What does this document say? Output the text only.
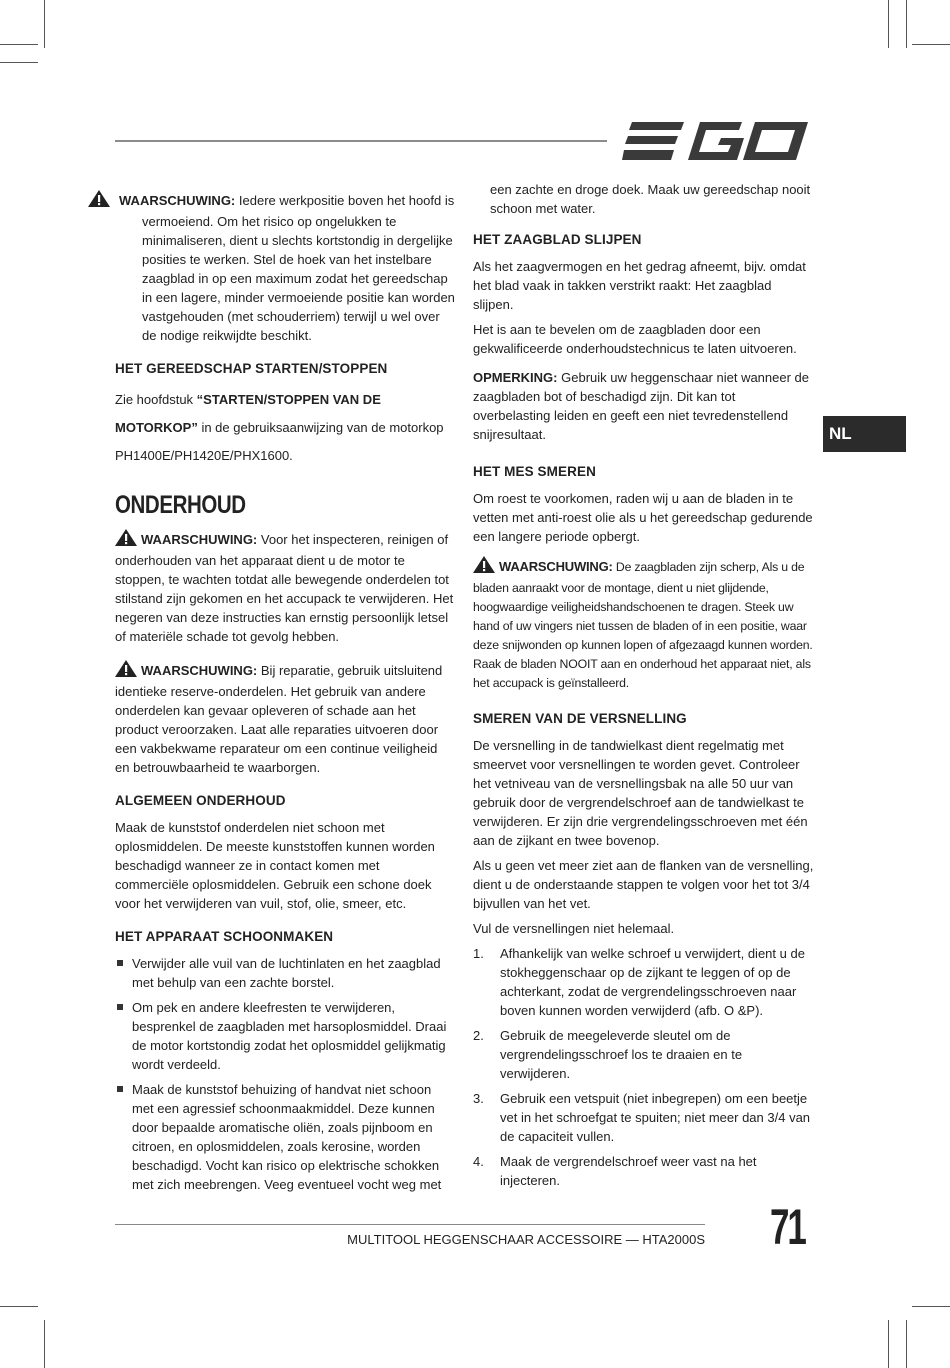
NL

WAARSCHUWING: Iedere werkpositie boven het hoofd is vermoeiend. Om het risico op ongelukken te minimaliseren, dient u slechts kortstondig in dergelijke posities te werken. Stel de hoek van het instelbare zaagblad in op een maximum zodat het gereedschap in een lagere, minder vermoeiende positie kan worden vastgehouden (met schouderriem) terwijl u wel over de nodige reikwijdte beschikt.

HET GEREEDSCHAP STARTEN/STOPPEN

Zie hoofdstuk “STARTEN/STOPPEN VAN DE MOTORKOP” in de gebruiksaanwijzing van de motorkop PH1400E/PH1420E/PHX1600.

ONDERHOUD

WAARSCHUWING: Voor het inspecteren, reinigen of onderhouden van het apparaat dient u de motor te stoppen, te wachten totdat alle bewegende onderdelen tot stilstand zijn gekomen en het accupack te verwijderen. Het negeren van deze instructies kan ernstig persoonlijk letsel of materiële schade tot gevolg hebben.

WAARSCHUWING: Bij reparatie, gebruik uitsluitend identieke reserve-onderdelen. Het gebruik van andere onderdelen kan gevaar opleveren of schade aan het product veroorzaken. Laat alle reparaties uitvoeren door een vakbekwame reparateur om een continue veiligheid en betrouwbaarheid te waarborgen.

ALGEMEEN ONDERHOUD

Maak de kunststof onderdelen niet schoon met oplosmiddelen. De meeste kunststoffen kunnen worden beschadigd wanneer ze in contact komen met commerciële oplosmiddelen. Gebruik een schone doek voor het verwijderen van vuil, stof, olie, smeer, etc.

HET APPARAAT SCHOONMAKEN
Verwijder alle vuil van de luchtinlaten en het zaagblad met behulp van een zachte borstel.
Om pek en andere kleefresten te verwijderen, besprenkel de zaagbladen met harsoplosmiddel. Draai de motor kortstondig zodat het oplosmiddel gelijkmatig wordt verdeeld.
Maak de kunststof behuizing of handvat niet schoon met een agressief schoonmaakmiddel. Deze kunnen door bepaalde aromatische oliën, zoals pijnboom en citroen, en oplosmiddelen, zoals kerosine, worden beschadigd. Vocht kan risico op elektrische schokken met zich meebrengen. Veeg eventueel vocht weg met

een zachte en droge doek. Maak uw gereedschap nooit schoon met water.

HET ZAAGBLAD SLIJPEN

Als het zaagvermogen en het gedrag afneemt, bijv. omdat het blad vaak in takken verstrikt raakt: Het zaagblad slijpen.

Het is aan te bevelen om de zaagbladen door een gekwalificeerde onderhoudstechnicus te laten uitvoeren.

OPMERKING: Gebruik uw heggenschaar niet wanneer de zaagbladen bot of beschadigd zijn. Dit kan tot overbelasting leiden en geeft een niet tevredenstellend snijresultaat.

HET MES SMEREN

Om roest te voorkomen, raden wij u aan de bladen in te vetten met anti-roest olie als u het gereedschap gedurende een langere periode opbergt.

WAARSCHUWING: De zaagbladen zijn scherp, Als u de bladen aanraakt voor de montage, dient u niet glijdende, hoogwaardige veiligheidshandschoenen te dragen. Steek uw hand of uw vingers niet tussen de bladen of in een positie, waar deze snijwonden op kunnen lopen of afgezaagd kunnen worden. Raak de bladen NOOIT aan en onderhoud het apparaat niet, als het accupack is geïnstalleerd.

SMEREN VAN DE VERSNELLING

De versnelling in de tandwielkast dient regelmatig met smeervet voor versnellingen te worden gevet. Controleer het vetniveau van de versnellingsbak na alle 50 uur van gebruik door de vergrendelschroef aan de tandwielkast te verwijderen. Er zijn drie vergrendelingsschroeven met één aan de zijkant en twee bovenop.

Als u geen vet meer ziet aan de flanken van de versnelling, dient u de onderstaande stappen te volgen voor het tot 3/4 bijvullen van het vet.

Vul de versnellingen niet helemaal.

1. Afhankelijk van welke schroef u verwijdert, dient u de stokheggenschaar op de zijkant te leggen of op de achterkant, zodat de vergrendelingsschroeven naar boven kunnen worden verwijderd (afb. O &P).
2. Gebruik de meegeleverde sleutel om de vergrendelingsschroef los te draaien en te verwijderen.
3. Gebruik een vetspuit (niet inbegrepen) om een beetje vet in het schroefgat te spuiten; niet meer dan 3/4 van de capaciteit vullen.
4. Maak de vergrendelschroef weer vast na het injecteren.
MULTITOOL HEGGENSCHAAR ACCESSOIRE — HTA2000S 71
